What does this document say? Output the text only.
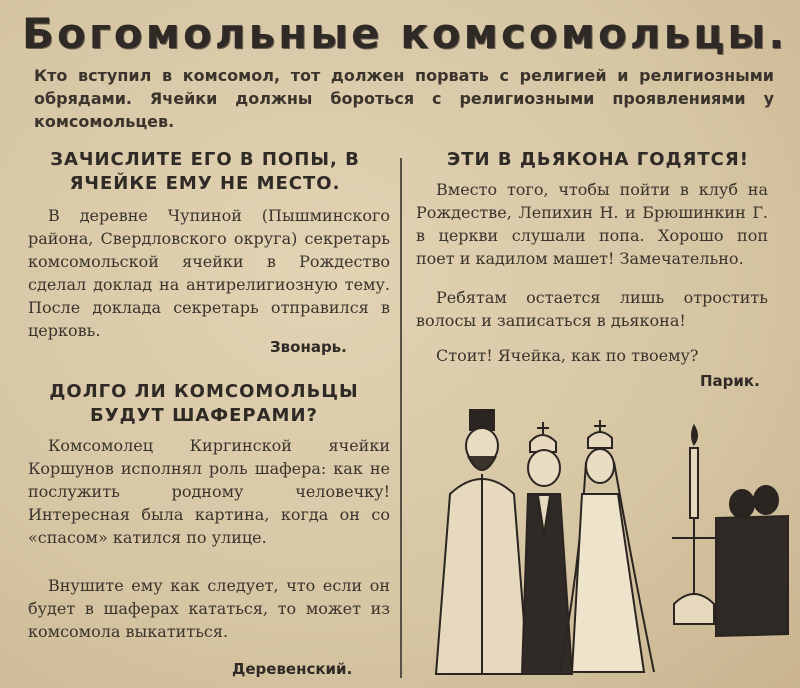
Богомольные комсомольцы.
Кто вступил в комсомол, тот должен порвать с религией и религиозными обрядами. Ячейки должны бороться с религиозными проявлениями у комсомольцев.
ЗАЧИСЛИТЕ ЕГО В ПОПЫ, В ЯЧЕЙКЕ ЕМУ НЕ МЕСТО.

В деревне Чупиной (Пышминского района, Свердловского округа) секретарь комсомольской ячейки в Рождество сделал доклад на антирелигиозную тему. После доклада секретарь отправился в церковь.

Звонарь.
ДОЛГО ЛИ КОМСОМОЛЬЦЫ БУДУТ ШАФЕРАМИ?

Комсомолец Киргинской ячейки Коршунов исполнял роль шафера: как не послужить родному человечку! Интересная была картина, когда он со «спасом» катился по улице.

Внушите ему как следует, что если он будет в шаферах кататься, то может из комсомола выкатиться.

Деревенский.
ЭТИ В ДЬЯКОНА ГОДЯТСЯ!

Вместо того, чтобы пойти в клуб на Рождестве, Лепихин Н. и Брюшинкин Г. в церкви слушали попа. Хорошо поп поет и кадилом машет! Замечательно.

Ребятам остается лишь отростить волосы и записаться в дьякона!

Стоит! Ячейка, как по твоему?

Парик.
